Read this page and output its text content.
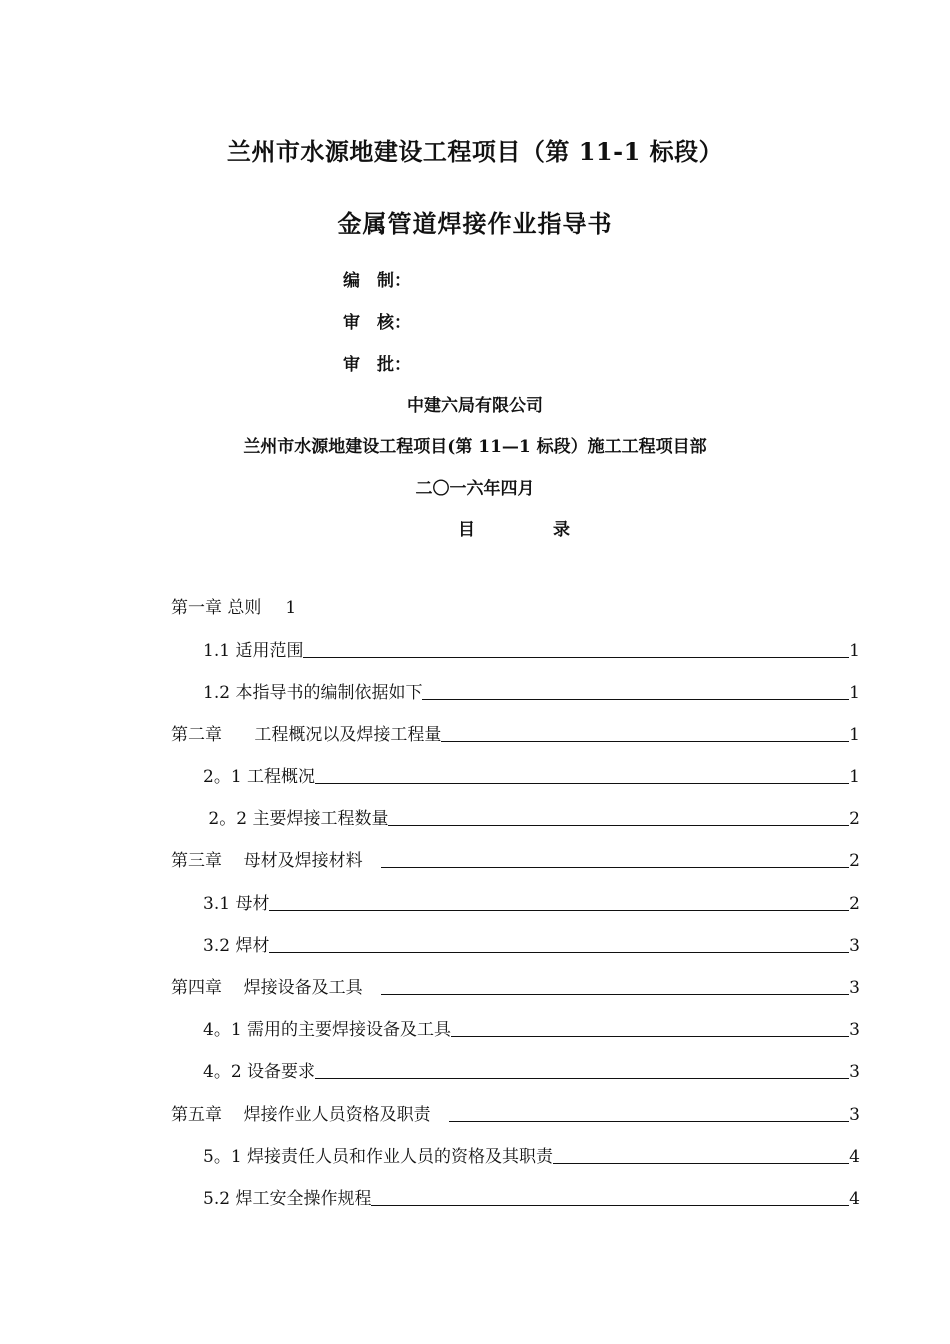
兰州市水源地建设工程项目（第 11-1 标段）
金属管道焊接作业指导书
编　制：
审　核：
审　批：
中建六局有限公司
兰州市水源地建设工程项目(第 11—1 标段）施工工程项目部
二〇一六年四月
目	录
第一章 总则 1
1.1 适用范围	1
1.2 本指导书的编制依据如下	1
第二章      工程概况以及焊接工程量	1
2。1 工程概况	1
2。2 主要焊接工程数量	2
第三章    母材及焊接材料	2
3.1 母材	2
3.2 焊材	3
第四章    焊接设备及工具	3
4。1 需用的主要焊接设备及工具	3
4。2 设备要求	3
第五章    焊接作业人员资格及职责	3
5。1 焊接责任人员和作业人员的资格及其职责	4
5.2 焊工安全操作规程	4
